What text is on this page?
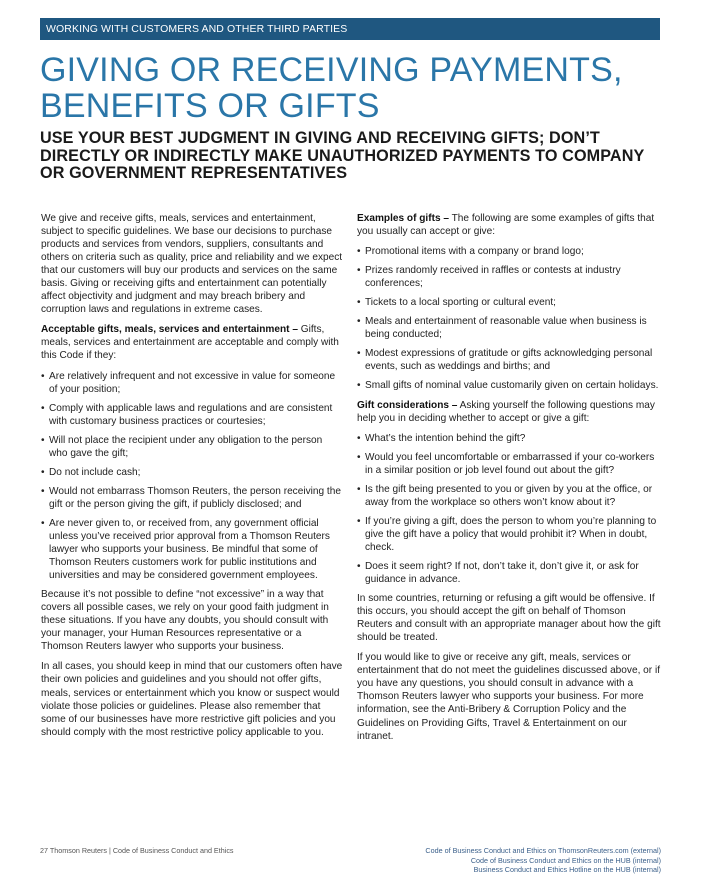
WORKING WITH CUSTOMERS AND OTHER THIRD PARTIES
GIVING OR RECEIVING PAYMENTS, BENEFITS OR GIFTS
USE YOUR BEST JUDGMENT IN GIVING AND RECEIVING GIFTS; DON’T DIRECTLY OR INDIRECTLY MAKE UNAUTHORIZED PAYMENTS TO COMPANY OR GOVERNMENT REPRESENTATIVES

We give and receive gifts, meals, services and entertainment, subject to specific guidelines. We base our decisions to purchase products and services from vendors, suppliers, consultants and others on criteria such as quality, price and reliability and we expect that our customers will buy our products and services on the same basis. Giving or receiving gifts and entertainment can potentially affect objectivity and judgment and may breach bribery and corruption laws and regulations in extreme cases.

Acceptable gifts, meals, services and entertainment – Gifts, meals, services and entertainment are acceptable and comply with this Code if they:

• Are relatively infrequent and not excessive in value for someone of your position;
• Comply with applicable laws and regulations and are consistent with customary business practices or courtesies;
• Will not place the recipient under any obligation to the person who gave the gift;
• Do not include cash;
• Would not embarrass Thomson Reuters, the person receiving the gift or the person giving the gift, if publicly disclosed; and
• Are never given to, or received from, any government official unless you’ve received prior approval from a Thomson Reuters lawyer who supports your business. Be mindful that some of Thomson Reuters customers work for public institutions and universities and may be considered government employees.

Because it’s not possible to define “not excessive” in a way that covers all possible cases, we rely on your good faith judgment in these situations. If you have any doubts, you should consult with your manager, your Human Resources representative or a Thomson Reuters lawyer who supports your business.

In all cases, you should keep in mind that our customers often have their own policies and guidelines and you should not offer gifts, meals, services or entertainment which you know or suspect would violate those policies or guidelines. Please also remember that some of our businesses have more restrictive gift policies and you should comply with the most restrictive policy applicable to you.

Examples of gifts – The following are some examples of gifts that you usually can accept or give:

• Promotional items with a company or brand logo;
• Prizes randomly received in raffles or contests at industry conferences;
• Tickets to a local sporting or cultural event;
• Meals and entertainment of reasonable value when business is being conducted;
• Modest expressions of gratitude or gifts acknowledging personal events, such as weddings and births; and
• Small gifts of nominal value customarily given on certain holidays.

Gift considerations – Asking yourself the following questions may help you in deciding whether to accept or give a gift:

• What’s the intention behind the gift?
• Would you feel uncomfortable or embarrassed if your co-workers in a similar position or job level found out about the gift?
• Is the gift being presented to you or given by you at the office, or away from the workplace so others won’t know about it?
• If you’re giving a gift, does the person to whom you’re planning to give the gift have a policy that would prohibit it? When in doubt, check.
• Does it seem right? If not, don’t take it, don’t give it, or ask for guidance in advance.

In some countries, returning or refusing a gift would be offensive. If this occurs, you should accept the gift on behalf of Thomson Reuters and consult with an appropriate manager about how the gift should be treated.

If you would like to give or receive any gift, meals, services or entertainment that do not meet the guidelines discussed above, or if you have any questions, you should consult in advance with a Thomson Reuters lawyer who supports your business. For more information, see the Anti-Bribery & Corruption Policy and the Guidelines on Providing Gifts, Travel & Entertainment on our intranet.

27 Thomson Reuters | Code of Business Conduct and Ethics	Code of Business Conduct and Ethics on ThomsonReuters.com (external)
Code of Business Conduct and Ethics on the HUB (internal)
Business Conduct and Ethics Hotline on the HUB (internal)
